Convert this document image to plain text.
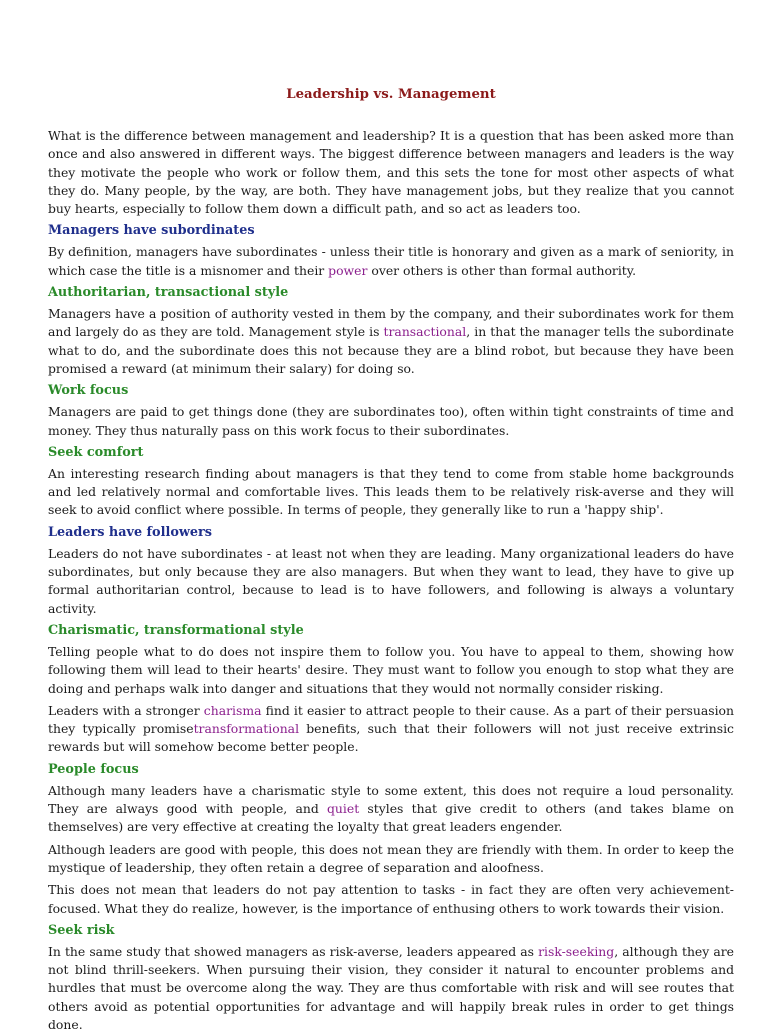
Leadership vs. Management

What is the difference between management and leadership? It is a question that has been asked more than once and also answered in different ways. The biggest difference between managers and leaders is the way they motivate the people who work or follow them, and this sets the tone for most other aspects of what they do. Many people, by the way, are both. They have management jobs, but they realize that you cannot buy hearts, especially to follow them down a difficult path, and so act as leaders too.

Managers have subordinates

By definition, managers have subordinates - unless their title is honorary and given as a mark of seniority, in which case the title is a misnomer and their power over others is other than formal authority.

Authoritarian, transactional style

Managers have a position of authority vested in them by the company, and their subordinates work for them and largely do as they are told. Management style is transactional, in that the manager tells the subordinate what to do, and the subordinate does this not because they are a blind robot, but because they have been promised a reward (at minimum their salary) for doing so.

Work focus

Managers are paid to get things done (they are subordinates too), often within tight constraints of time and money. They thus naturally pass on this work focus to their subordinates.

Seek comfort

An interesting research finding about managers is that they tend to come from stable home backgrounds and led relatively normal and comfortable lives. This leads them to be relatively risk-averse and they will seek to avoid conflict where possible. In terms of people, they generally like to run a 'happy ship'.

Leaders have followers

Leaders do not have subordinates - at least not when they are leading. Many organizational leaders do have subordinates, but only because they are also managers. But when they want to lead, they have to give up formal authoritarian control, because to lead is to have followers, and following is always a voluntary activity.

Charismatic, transformational style

Telling people what to do does not inspire them to follow you. You have to appeal to them, showing how following them will lead to their hearts' desire. They must want to follow you enough to stop what they are doing and perhaps walk into danger and situations that they would not normally consider risking.

Leaders with a stronger charisma find it easier to attract people to their cause. As a part of their persuasion they typically promisetransformational benefits, such that their followers will not just receive extrinsic rewards but will somehow become better people.

People focus

Although many leaders have a charismatic style to some extent, this does not require a loud personality. They are always good with people, and quiet styles that give credit to others (and takes blame on themselves) are very effective at creating the loyalty that great leaders engender.

Although leaders are good with people, this does not mean they are friendly with them. In order to keep the mystique of leadership, they often retain a degree of separation and aloofness.

This does not mean that leaders do not pay attention to tasks - in fact they are often very achievement-focused. What they do realize, however, is the importance of enthusing others to work towards their vision.

Seek risk

In the same study that showed managers as risk-averse, leaders appeared as risk-seeking, although they are not blind thrill-seekers. When pursuing their vision, they consider it natural to encounter problems and hurdles that must be overcome along the way. They are thus comfortable with risk and will see routes that others avoid as potential opportunities for advantage and will happily break rules in order to get things done.
